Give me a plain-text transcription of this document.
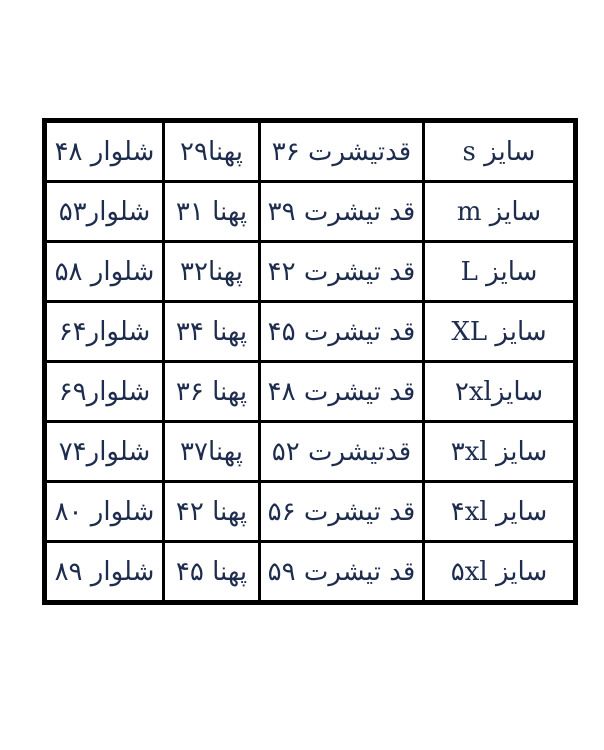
سایز s	قدتیشرت ۳۶	پهنا۲۹	شلوار ۴۸
سایز m	قد تیشرت ۳۹	پهنا ۳۱	شلوار۵۳
سایز L	قد تیشرت ۴۲	پهنا۳۲	شلوار ۵۸
سایز XL	قد تیشرت ۴۵	پهنا ۳۴	شلوار۶۴
سایز۲xl	قد تیشرت ۴۸	پهنا ۳۶	شلوار۶۹
سایز ۳xl	قدتیشرت ۵۲	پهنا۳۷	شلوار۷۴
سایر ۴xl	قد تیشرت ۵۶	پهنا ۴۲	شلوار ۸۰
سایز ۵xl	قد تیشرت ۵۹	پهنا ۴۵	شلوار ۸۹
